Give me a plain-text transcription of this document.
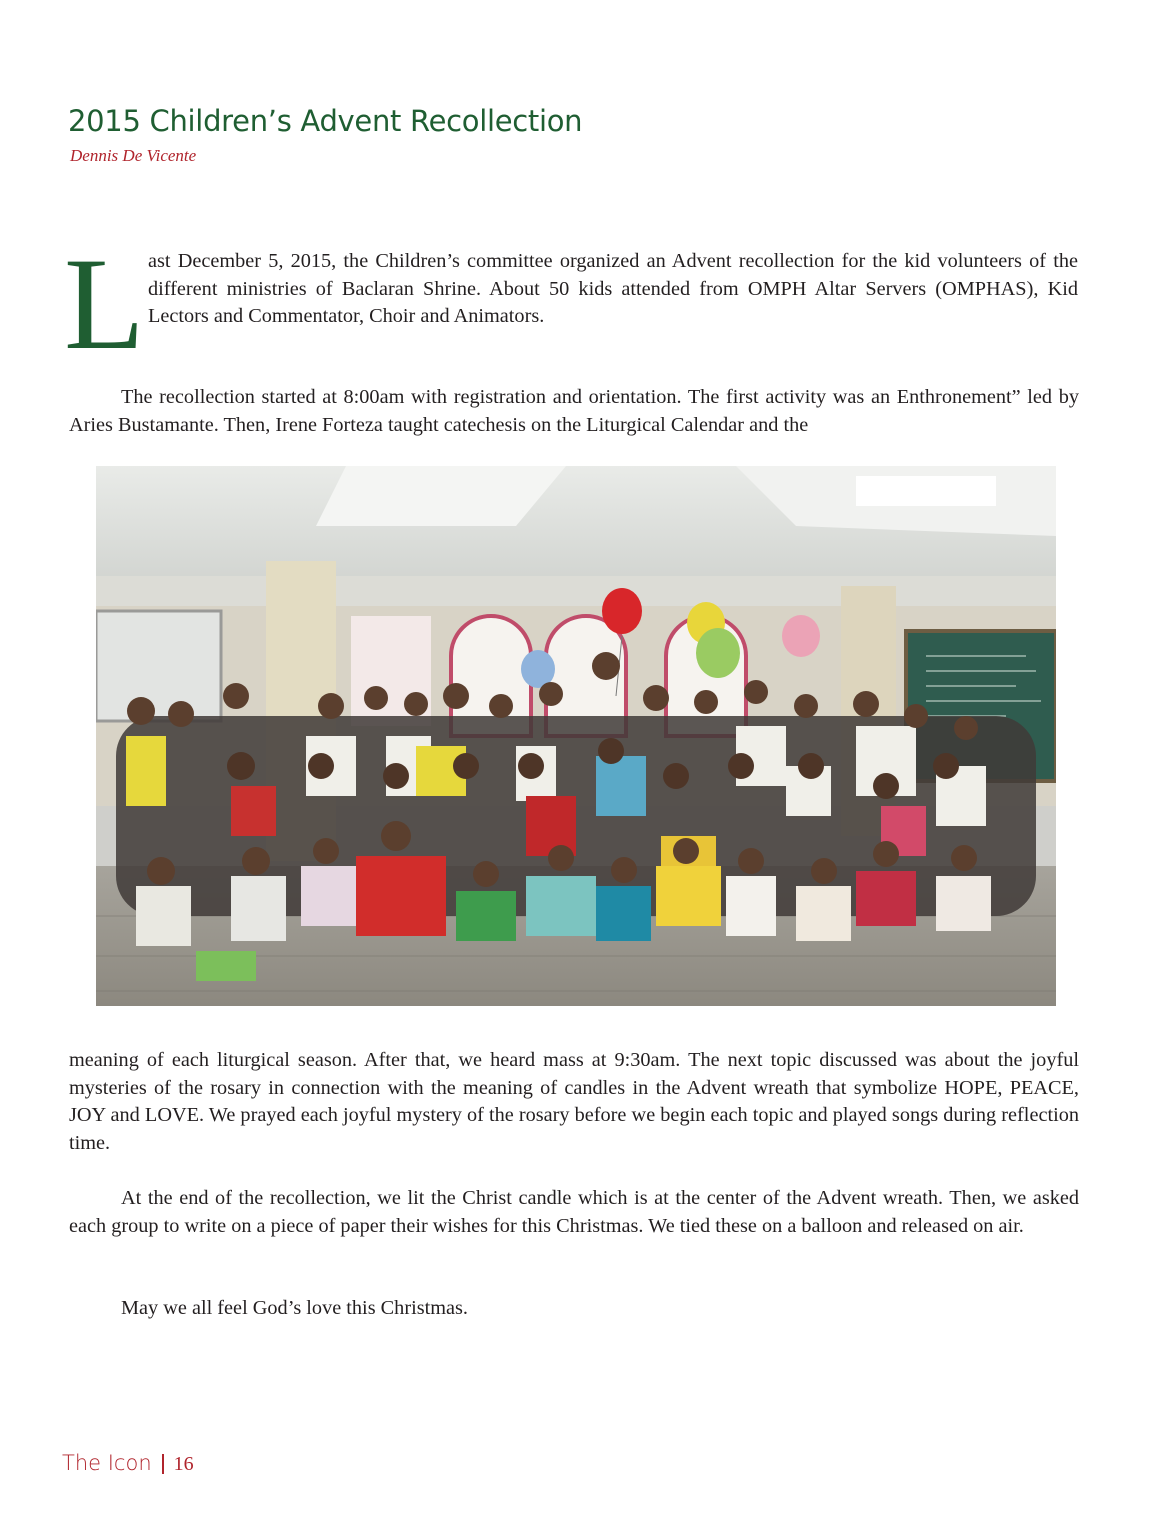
2015 Children’s Advent Recollection
Dennis De Vicente
L ast December 5, 2015, the Children’s committee organized an Advent recollection for the kid volunteers of the different ministries of Baclaran Shrine. About 50 kids attended from OMPH Altar Servers (OMPHAS), Kid Lectors and Commentator, Choir and Animators.

The recollection started at 8:00am with registration and orientation. The first activity was an Enthronement” led by Aries Bustamante. Then, Irene Forteza taught catechesis on the Liturgical Calendar and the

meaning of each liturgical season. After that, we heard mass at 9:30am. The next topic discussed was about the joyful mysteries of the rosary in connection with the meaning of candles in the Advent wreath that symbolize HOPE, PEACE, JOY and LOVE. We prayed each joyful mystery of the rosary before we begin each topic and played songs during reflection time.

At the end of the recollection, we lit the Christ candle which is at the center of the Advent wreath. Then, we asked each group to write on a piece of paper their wishes for this Christmas. We tied these on a balloon and released on air.

May we all feel God’s love this Christmas.

The Icon 16
